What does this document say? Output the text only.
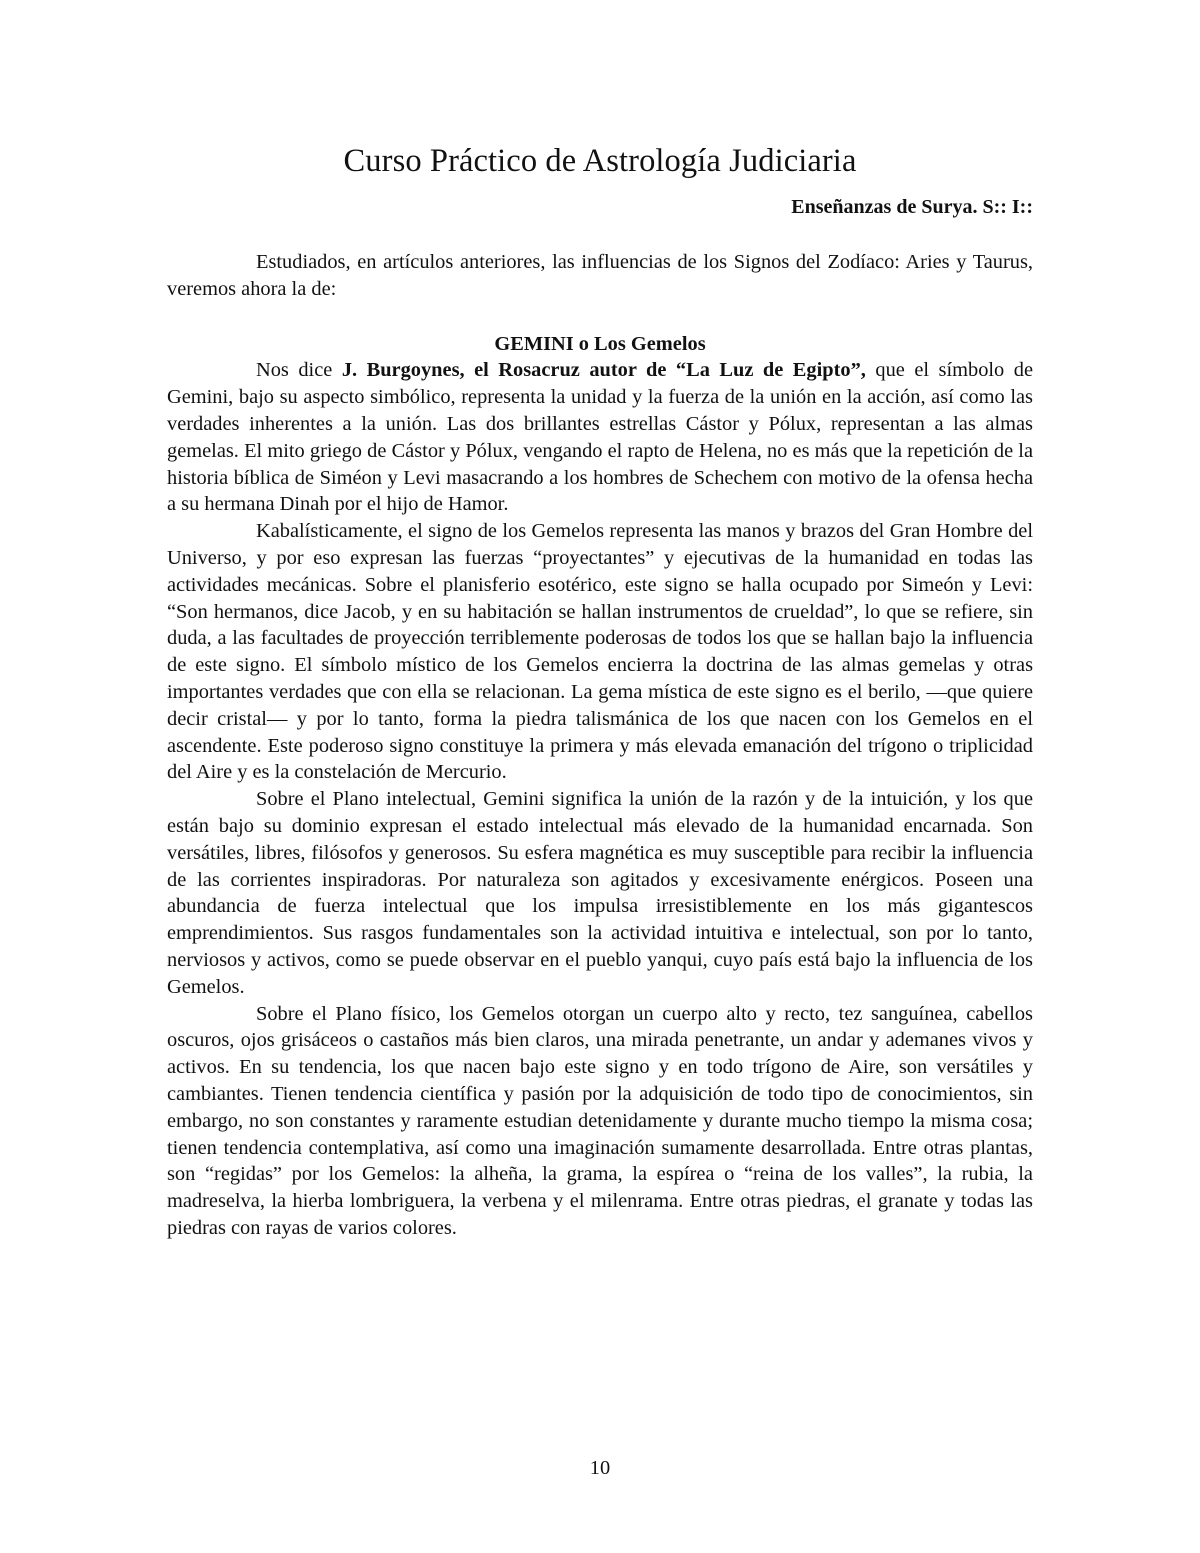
Curso Práctico de Astrología Judiciaria
Enseñanzas de Surya. S:: I::

Estudiados, en artículos anteriores, las influencias de los Signos del Zodíaco: Aries y Taurus, veremos ahora la de:

GEMINI o Los Gemelos

Nos dice J. Burgoynes, el Rosacruz autor de “La Luz de Egipto”, que el símbolo de Gemini, bajo su aspecto simbólico, representa la unidad y la fuerza de la unión en la acción, así como las verdades inherentes a la unión. Las dos brillantes estrellas Cástor y Pólux, representan a las almas gemelas. El mito griego de Cástor y Pólux, vengando el rapto de Helena, no es más que la repetición de la historia bíblica de Siméon y Levi masacrando a los hombres de Schechem con motivo de la ofensa hecha a su hermana Dinah por el hijo de Hamor.

Kabalísticamente, el signo de los Gemelos representa las manos y brazos del Gran Hombre del Universo, y por eso expresan las fuerzas “proyectantes” y ejecutivas de la humanidad en todas las actividades mecánicas. Sobre el planisferio esotérico, este signo se halla ocupado por Simeón y Levi: “Son hermanos, dice Jacob, y en su habitación se hallan instrumentos de crueldad”, lo que se refiere, sin duda, a las facultades de proyección terriblemente poderosas de todos los que se hallan bajo la influencia de este signo. El símbolo místico de los Gemelos encierra la doctrina de las almas gemelas y otras importantes verdades que con ella se relacionan. La gema mística de este signo es el berilo, —que quiere decir cristal— y por lo tanto, forma la piedra talismánica de los que nacen con los Gemelos en el ascendente. Este poderoso signo constituye la primera y más elevada emanación del trígono o triplicidad del Aire y es la constelación de Mercurio.

Sobre el Plano intelectual, Gemini significa la unión de la razón y de la intuición, y los que están bajo su dominio expresan el estado intelectual más elevado de la humanidad encarnada. Son versátiles, libres, filósofos y generosos. Su esfera magnética es muy susceptible para recibir la influencia de las corrientes inspiradoras. Por naturaleza son agitados y excesivamente enérgicos. Poseen una abundancia de fuerza intelectual que los impulsa irresistiblemente en los más gigantescos emprendimientos. Sus rasgos fundamentales son la actividad intuitiva e intelectual, son por lo tanto, nerviosos y activos, como se puede observar en el pueblo yanqui, cuyo país está bajo la influencia de los Gemelos.

Sobre el Plano físico, los Gemelos otorgan un cuerpo alto y recto, tez sanguínea, cabellos oscuros, ojos grisáceos o castaños más bien claros, una mirada penetrante, un andar y ademanes vivos y activos. En su tendencia, los que nacen bajo este signo y en todo trígono de Aire, son versátiles y cambiantes. Tienen tendencia científica y pasión por la adquisición de todo tipo de conocimientos, sin embargo, no son constantes y raramente estudian detenidamente y durante mucho tiempo la misma cosa; tienen tendencia contemplativa, así como una imaginación sumamente desarrollada. Entre otras plantas, son “regidas” por los Gemelos: la alheña, la grama, la espírea o “reina de los valles”, la rubia, la madreselva, la hierba lombriguera, la verbena y el milenrama. Entre otras piedras, el granate y todas las piedras con rayas de varios colores.

10
